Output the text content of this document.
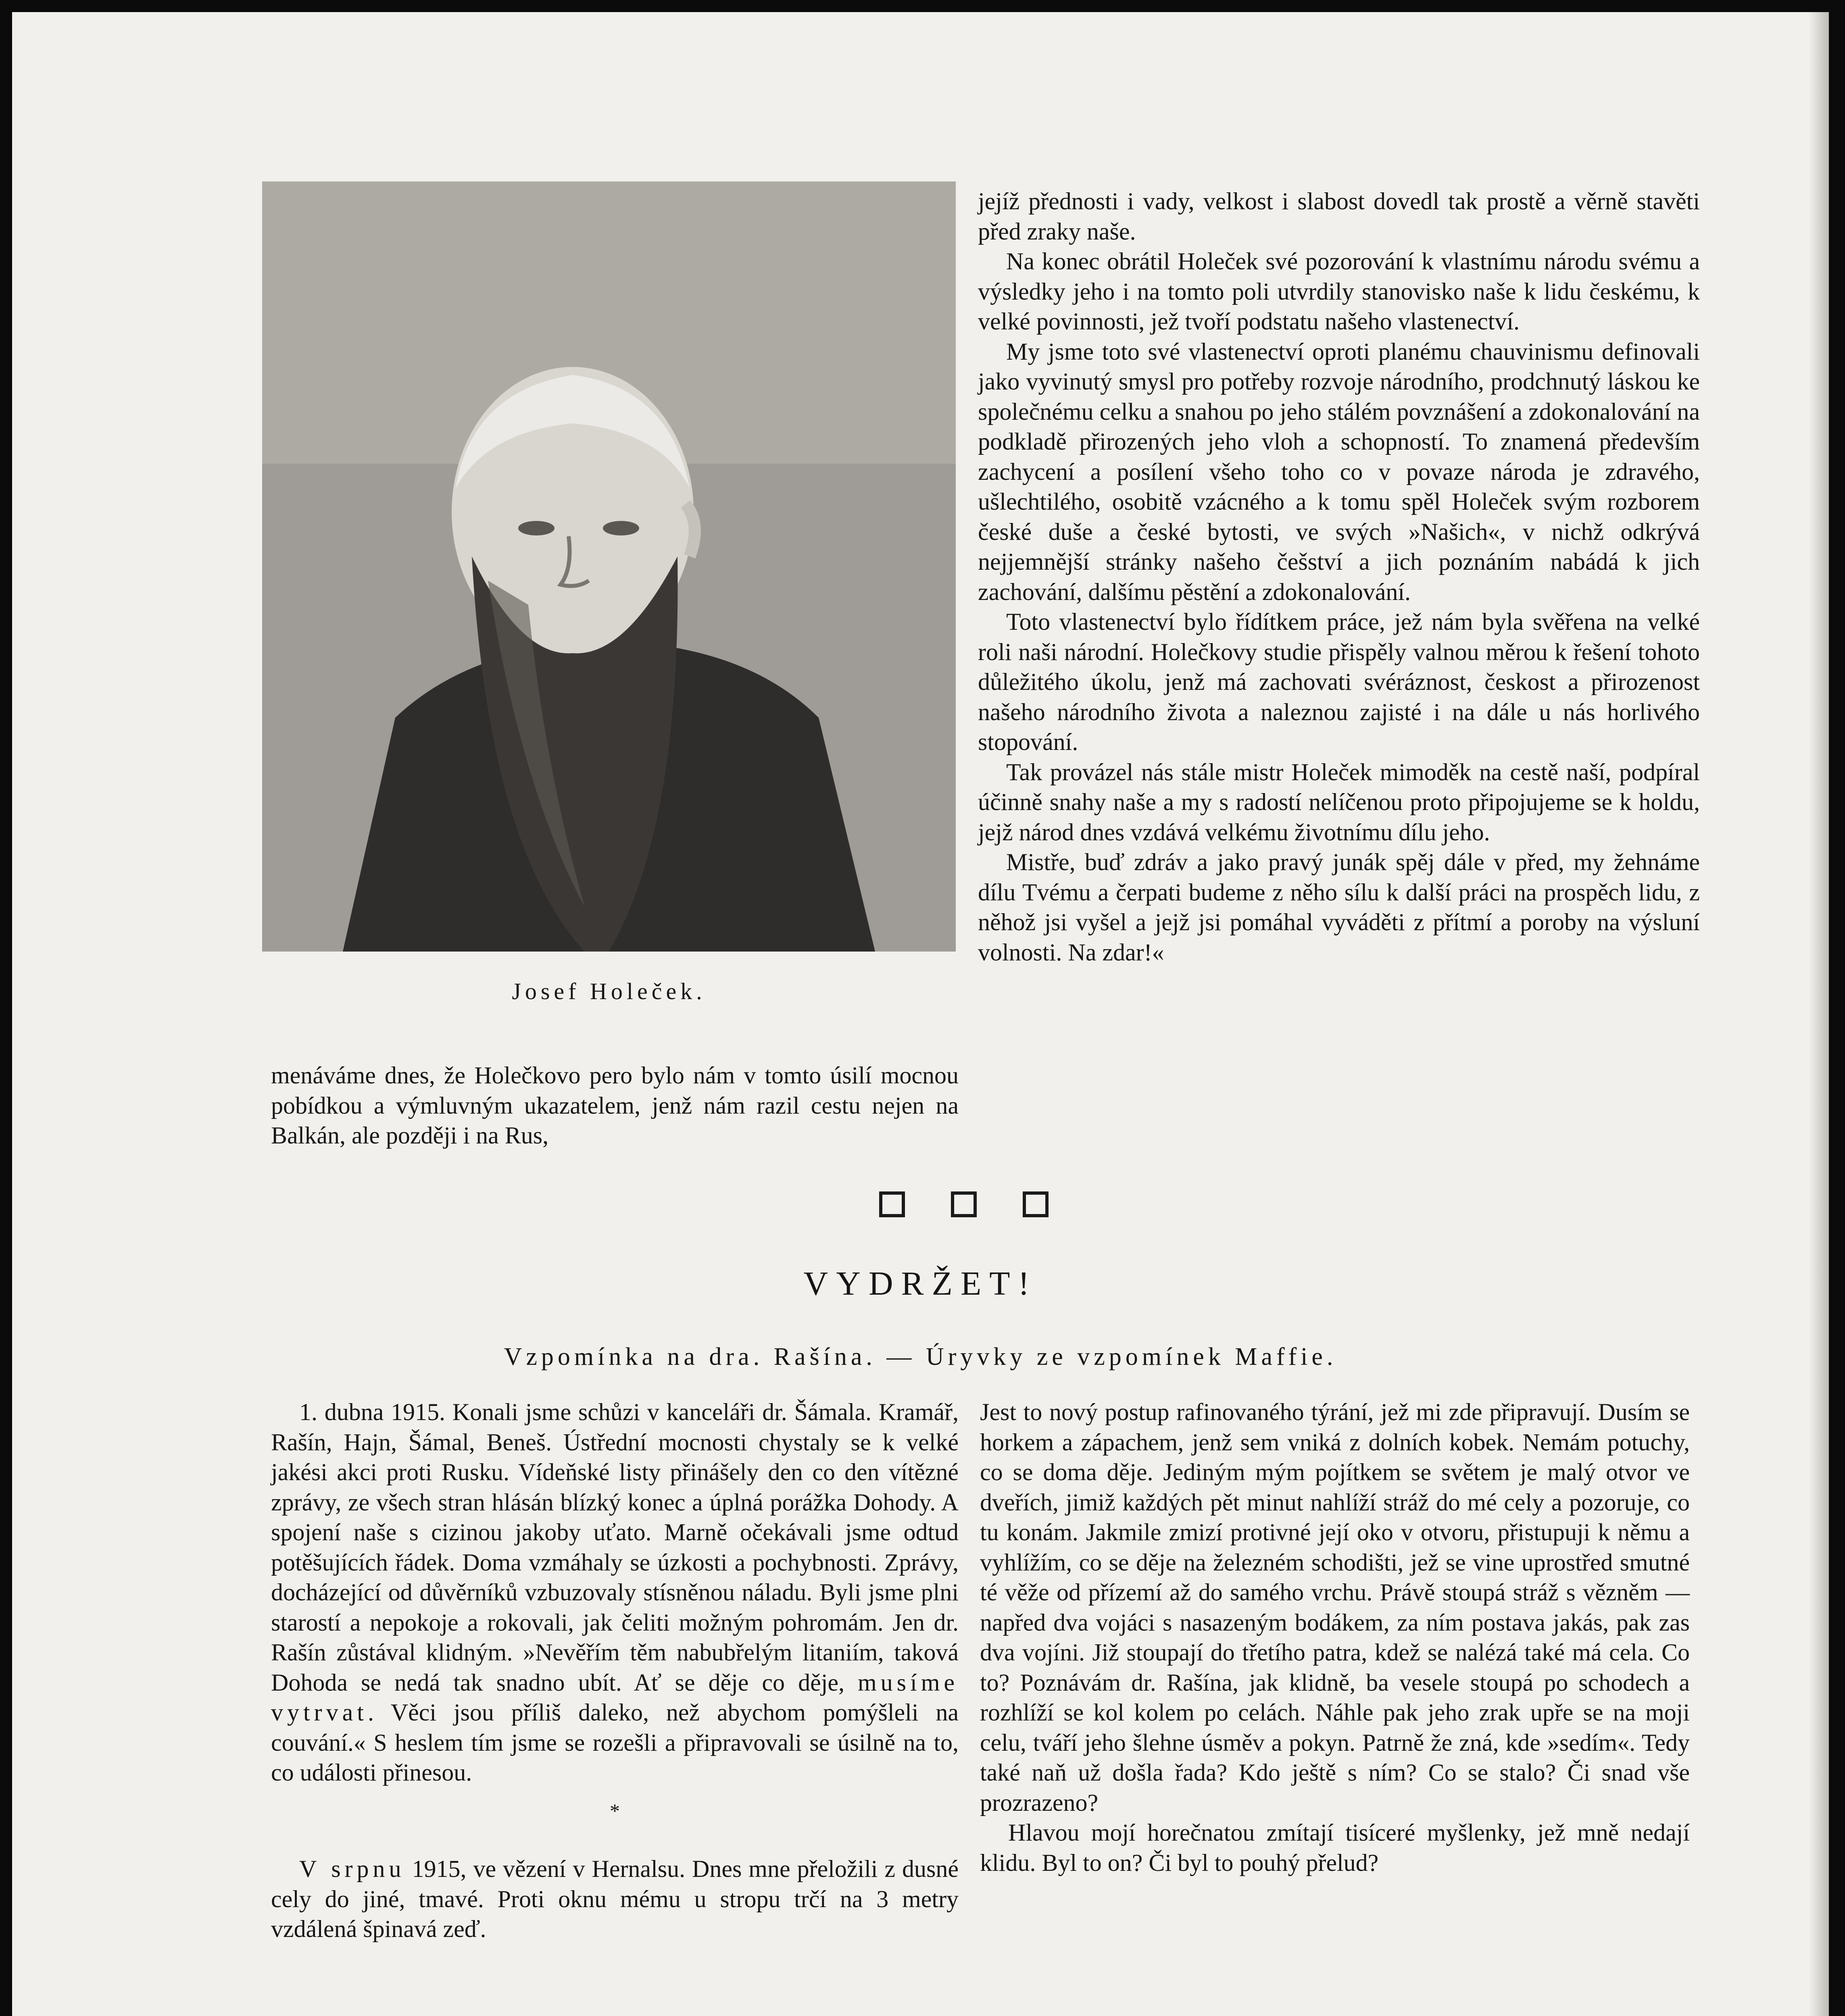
Josef Holeček.

jejíž přednosti i vady, velkost i slabost dovedl tak prostě a věrně stavěti před zraky naše.

Na konec obrátil Holeček své pozorování k vlastnímu národu svému a výsledky jeho i na tomto poli utvrdily stanovisko naše k lidu českému, k velké povinnosti, jež tvoří podstatu našeho vlastenectví.

My jsme toto své vlastenectví oproti planému chauvinismu definovali jako vyvinutý smysl pro potřeby rozvoje národního, prodchnutý láskou ke společnému celku a snahou po jeho stálém povznášení a zdokonalování na podkladě přirozených jeho vloh a schopností. To znamená především zachycení a posílení všeho toho co v povaze národa je zdravého, ušlechtilého, osobitě vzácného a k tomu spěl Holeček svým rozborem české duše a české bytosti, ve svých »Našich«, v nichž odkrývá nejjemnější stránky našeho češství a jich poznáním nabádá k jich zachování, dalšímu pěstění a zdokonalování.

Toto vlastenectví bylo řídítkem práce, jež nám byla svěřena na velké roli naši národní. Holečkovy studie přispěly valnou měrou k řešení tohoto důležitého úkolu, jenž má zachovati svéráznost, českost a přirozenost našeho národního života a naleznou zajisté i na dále u nás horlivého stopování.

Tak provázel nás stále mistr Holeček mimoděk na cestě naší, podpíral účinně snahy naše a my s radostí nelíčenou proto připojujeme se k holdu, jejž národ dnes vzdává velkému životnímu dílu jeho.

Mistře, buď zdráv a jako pravý junák spěj dále v před, my žehnáme dílu Tvému a čerpati budeme z něho sílu k další práci na prospěch lidu, z něhož jsi vyšel a jejž jsi pomáhal vyváděti z přítmí a poroby na výsluní volnosti. Na zdar!«

menáváme dnes, že Holečkovo pero bylo nám v tomto úsilí mocnou pobídkou a výmluvným ukazatelem, jenž nám razil cestu nejen na Balkán, ale později i na Rus,

VYDRŽET!
Vzpomínka na dra. Rašína. — Úryvky ze vzpomínek Maffie.

1. dubna 1915. Konali jsme schůzi v kanceláři dr. Šámala. Kramář, Rašín, Hajn, Šámal, Beneš. Ústřední mocnosti chystaly se k velké jakési akci proti Rusku. Vídeňské listy přinášely den co den vítězné zprávy, ze všech stran hlásán blízký konec a úplná porážka Dohody. A spojení naše s cizinou jakoby uťato. Marně očekávali jsme odtud potěšujících řádek. Doma vzmáhaly se úzkosti a pochybnosti. Zprávy, docházející od důvěrníků vzbuzovaly stísněnou náladu. Byli jsme plni starostí a nepokoje a rokovali, jak čeliti možným pohromám. Jen dr. Rašín zůstával klidným. »Nevěřím těm nabubřelým litaniím, taková Dohoda se nedá tak snadno ubít. Ať se děje co děje, musíme vytrvat. Věci jsou příliš daleko, než abychom pomýšleli na couvání.« S heslem tím jsme se rozešli a připravovali se úsilně na to, co události přinesou.

*

V srpnu 1915, ve vězení v Hernalsu. Dnes mne přeložili z dusné cely do jiné, tmavé. Proti oknu mému u stropu trčí na 3 metry vzdálená špinavá zeď.

Jest to nový postup rafinovaného týrání, jež mi zde připravují. Dusím se horkem a zápachem, jenž sem vniká z dolních kobek. Nemám potuchy, co se doma děje. Jediným mým pojítkem se světem je malý otvor ve dveřích, jimiž každých pět minut nahlíží stráž do mé cely a pozoruje, co tu konám. Jakmile zmizí protivné její oko v otvoru, přistupuji k němu a vyhlížím, co se děje na železném schodišti, jež se vine uprostřed smutné té věže od přízemí až do samého vrchu. Právě stoupá stráž s vězněm — napřed dva vojáci s nasazeným bodákem, za ním postava jakás, pak zas dva vojíni. Již stoupají do třetího patra, kdež se nalézá také má cela. Co to? Poznávám dr. Rašína, jak klidně, ba vesele stoupá po schodech a rozhlíží se kol kolem po celách. Náhle pak jeho zrak upře se na moji celu, tváří jeho šlehne úsměv a pokyn. Patrně že zná, kde »sedím«. Tedy také naň už došla řada? Kdo ještě s ním? Co se stalo? Či snad vše prozrazeno?

Hlavou mojí horečnatou zmítají tisíceré myšlenky, jež mně nedají klidu. Byl to on? Či byl to pouhý přelud?
